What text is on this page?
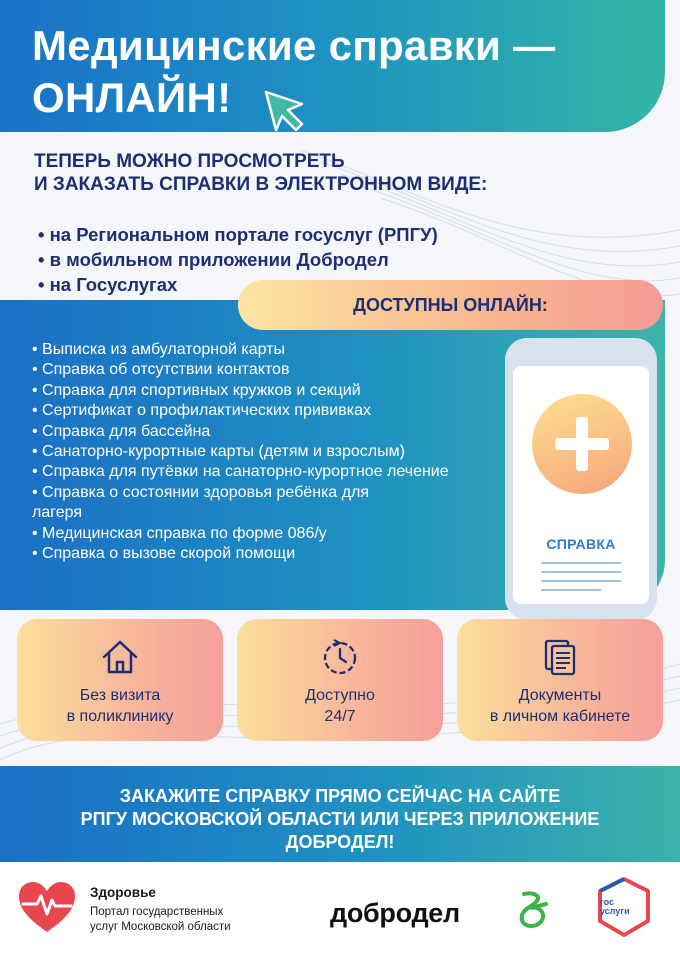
Медицинские справки —
ОНЛАЙН!
ТЕПЕРЬ МОЖНО ПРОСМОТРЕТЬ
И ЗАКАЗАТЬ СПРАВКИ В ЭЛЕКТРОННОМ ВИДЕ:
• на Региональном портале госуслуг (РПГУ)
• в мобильном приложении Добродел
• на Госуслугах
ДОСТУПНЫ ОНЛАЙН:
• Выписка из амбулаторной карты
• Справка об отсутствии контактов
• Справка для спортивных кружков и секций
• Сертификат о профилактических прививках
• Справка для бассейна
• Санаторно-курортные карты (детям и взрослым)
• Справка для путёвки на санаторно-курортное лечение
• Справка о состоянии здоровья ребёнка для лагеря
• Медицинская справка по форме 086/у
• Справка о вызове скорой помощи
СПРАВКА
Без визита
в поликлинику
Доступно
24/7
Документы
в личном кабинете
ЗАКАЖИТЕ СПРАВКУ ПРЯМО СЕЙЧАС НА САЙТЕ
РПГУ МОСКОВСКОЙ ОБЛАСТИ ИЛИ ЧЕРЕЗ ПРИЛОЖЕНИЕ
ДОБРОДЕЛ!
Здоровье
Портал государственных
услуг Московской области	добродел	гос
услуги
